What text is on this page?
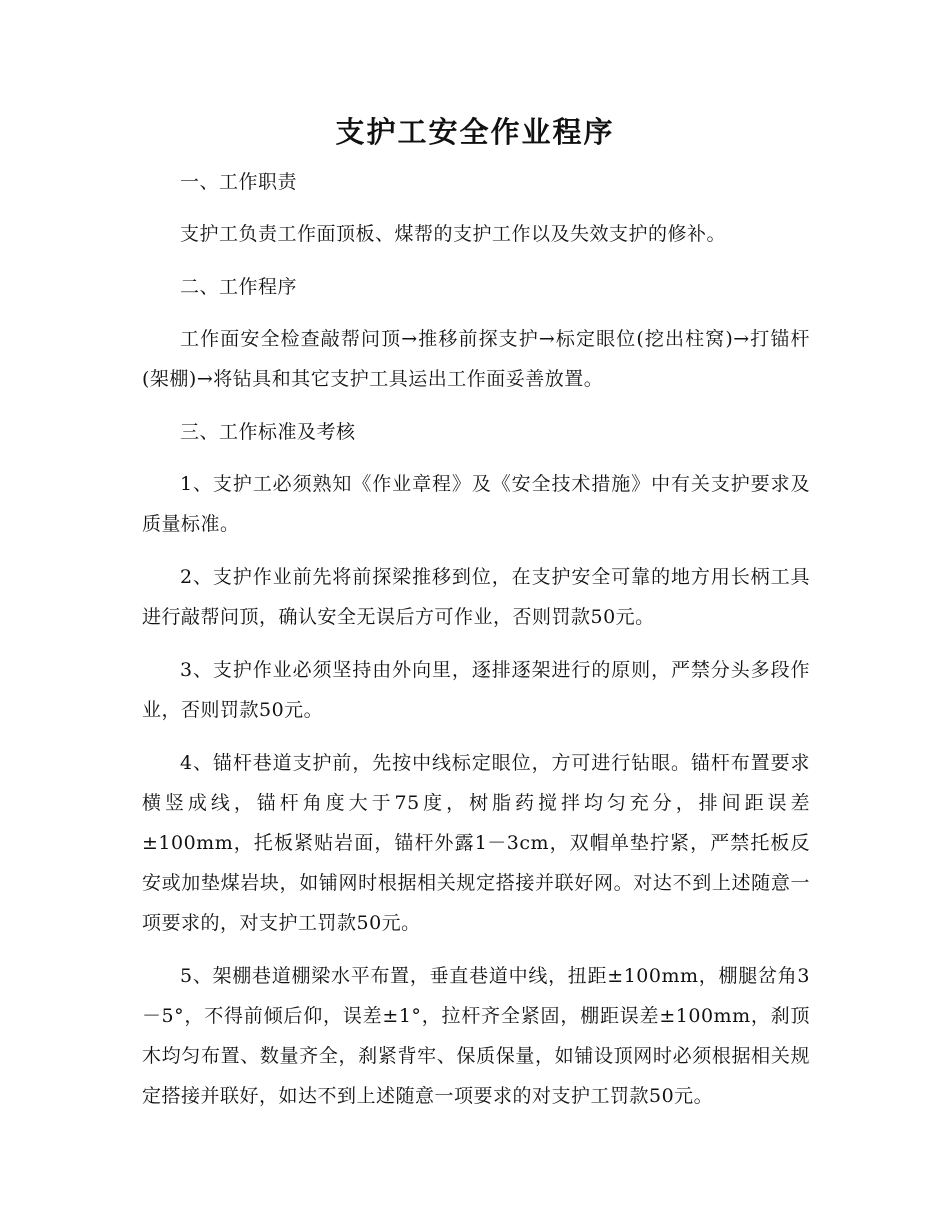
支护工安全作业程序

一、工作职责

支护工负责工作面顶板、煤帮的支护工作以及失效支护的修补。

二、工作程序

工作面安全检查敲帮问顶→推移前探支护→标定眼位(挖出柱窝)→打锚杆(架棚)→将钻具和其它支护工具运出工作面妥善放置。

三、工作标准及考核

1、支护工必须熟知《作业章程》及《安全技术措施》中有关支护要求及质量标准。

2、支护作业前先将前探梁推移到位，在支护安全可靠的地方用长柄工具进行敲帮问顶，确认安全无误后方可作业，否则罚款50元。

3、支护作业必须坚持由外向里，逐排逐架进行的原则，严禁分头多段作业，否则罚款50元。

4、锚杆巷道支护前，先按中线标定眼位，方可进行钻眼。锚杆布置要求横竖成线，锚杆角度大于75度，树脂药搅拌均匀充分，排间距误差±100mm，托板紧贴岩面，锚杆外露1－3cm，双帽单垫拧紧，严禁托板反安或加垫煤岩块，如铺网时根据相关规定搭接并联好网。对达不到上述随意一项要求的，对支护工罚款50元。

5、架棚巷道棚梁水平布置，垂直巷道中线，扭距±100mm，棚腿岔角3－5°，不得前倾后仰，误差±1°，拉杆齐全紧固，棚距误差±100mm，刹顶木均匀布置、数量齐全，刹紧背牢、保质保量，如铺设顶网时必须根据相关规定搭接并联好，如达不到上述随意一项要求的对支护工罚款50元。
